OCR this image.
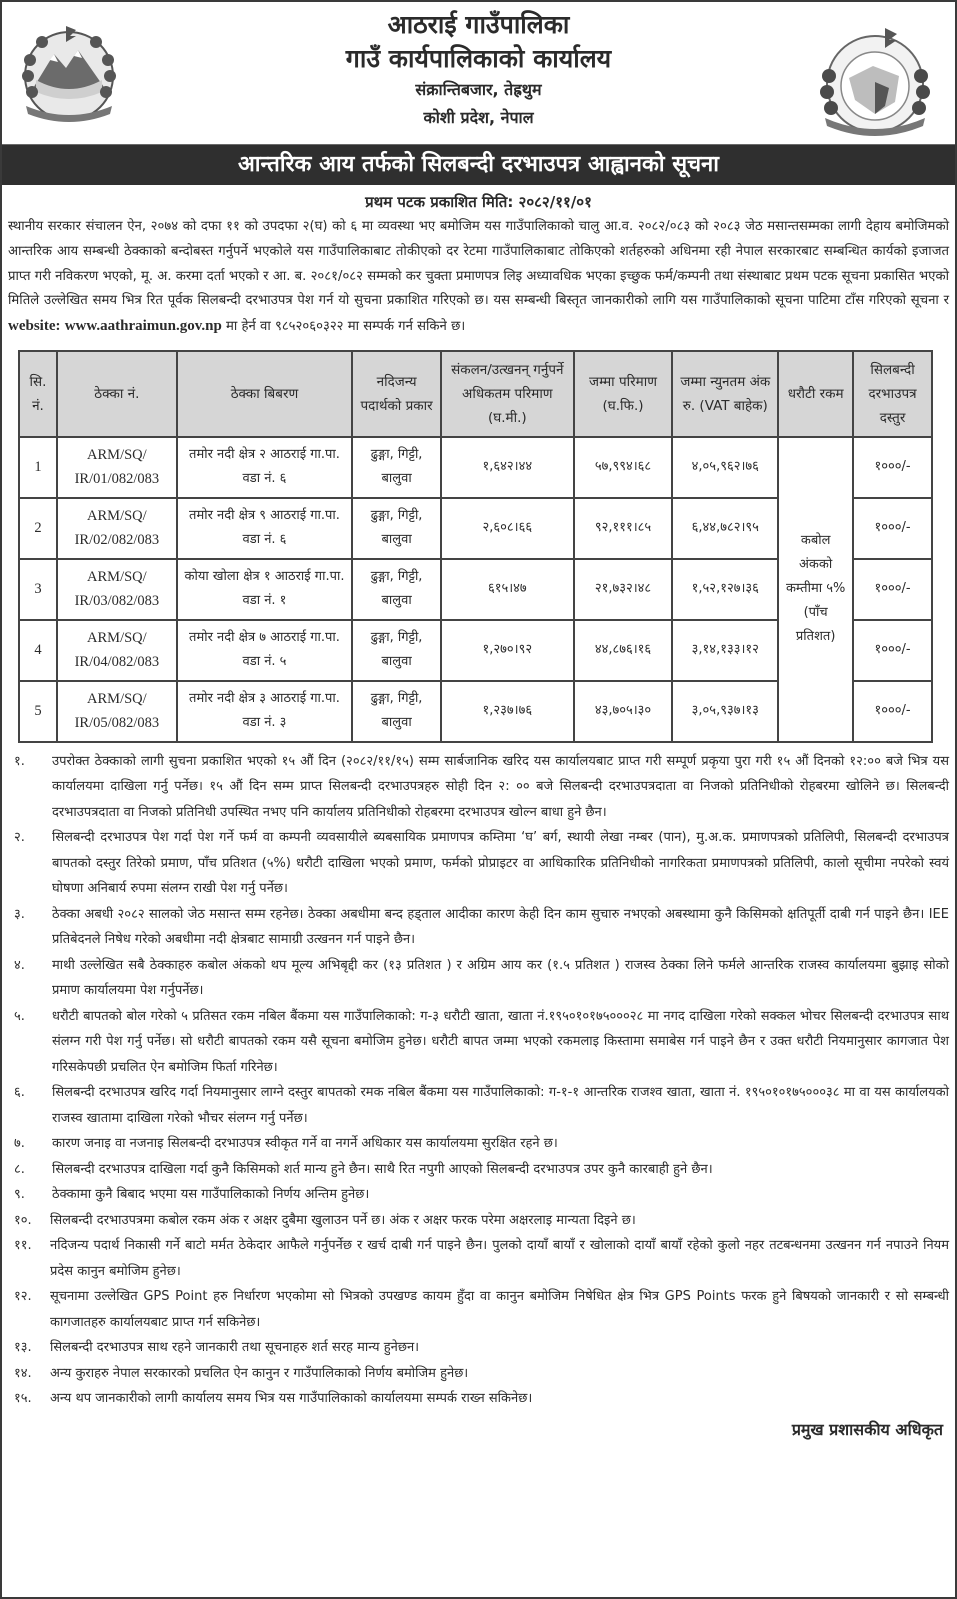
आठराई गाउँपालिका
गाउँ कार्यपालिकाको कार्यालय
संक्रान्तिबजार, तेह्रथुम
कोशी प्रदेश, नेपाल
आन्तरिक आय तर्फको सिलबन्दी दरभाउपत्र आह्वानको सूचना
प्रथम पटक प्रकाशित मिति: २०८२/११/०१
स्थानीय सरकार संचालन ऐन, २०७४ को दफा ११ को उपदफा २(घ) को ६ मा व्यवस्था भए बमोजिम यस गाउँपालिकाको चालु आ.व. २०८२/०८३ को २०८३ जेठ मसान्तसम्मका लागी देहाय बमोजिमको आन्तरिक आय सम्बन्धी ठेक्काको बन्दोबस्त गर्नुपर्ने भएकोले यस गाउँपालिकाबाट तोकीएको दर रेटमा गाउँपालिकाबाट तोकिएको शर्तहरुको अधिनमा रही नेपाल सरकारबाट सम्बन्धित कार्यको इजाजत प्राप्त गरी नविकरण भएको, मू. अ. करमा दर्ता भएको र आ. ब. २०८१/०८२ सम्मको कर चुक्ता प्रमाणपत्र लिइ अध्यावधिक भएका इच्छुक फर्म/कम्पनी तथा संस्थाबाट प्रथम पटक सूचना प्रकासित भएको मितिले उल्लेखित समय भित्र रित पूर्वक सिलबन्दी दरभाउपत्र पेश गर्न यो सुचना प्रकाशित गरिएको छ। यस सम्बन्धी बिस्तृत जानकारीको लागि यस गाउँपालिकाको सूचना पाटिमा टाँस गरिएको सूचना र website: www.aathraimun.gov.np मा हेर्न वा ९८५२०६०३२२ मा सम्पर्क गर्न सकिने छ।
सि. नं.	ठेक्का नं.	ठेक्का बिबरण	नदिजन्य पदार्थको प्रकार	संकलन/उत्खनन् गर्नुपर्ने अधिकतम परिमाण (घ.मी.)	जम्मा परिमाण (घ.फि.)	जम्मा न्युनतम अंक रु. (VAT बाहेक)	धरौटी रकम	सिलबन्दी दरभाउपत्र दस्तुर
1	ARM/SQ/ IR/01/082/083	तमोर नदी क्षेत्र २ आठराई गा.पा. वडा नं. ६	ढुङ्गा, गिट्टी, बालुवा	१,६४२।४४	५७,९९४।६८	४,०५,९६२।७६	कबोल अंकको कम्तीमा ५% (पाँच प्रतिशत)	१०००/-
2	ARM/SQ/ IR/02/082/083	तमोर नदी क्षेत्र ९ आठराई गा.पा. वडा नं. ६	ढुङ्गा, गिट्टी, बालुवा	२,६०८।६६	९२,१११।८५	६,४४,७८२।९५		१०००/-
3	ARM/SQ/ IR/03/082/083	कोया खोला क्षेत्र १ आठराई गा.पा. वडा नं. १	ढुङ्गा, गिट्टी, बालुवा	६१५।४७	२१,७३२।४८	१,५२,१२७।३६		१०००/-
4	ARM/SQ/ IR/04/082/083	तमोर नदी क्षेत्र ७ आठराई गा.पा. वडा नं. ५	ढुङ्गा, गिट्टी, बालुवा	१,२७०।९२	४४,८७६।१६	३,१४,१३३।१२		१०००/-
5	ARM/SQ/ IR/05/082/083	तमोर नदी क्षेत्र ३ आठराई गा.पा. वडा नं. ३	ढुङ्गा, गिट्टी, बालुवा	१,२३७।७६	४३,७०५।३०	३,०५,९३७।१३		१०००/-
१.	उपरोक्त ठेक्काको लागी सुचना प्रकाशित भएको १५ औं दिन (२०८२/११/१५) सम्म सार्बजानिक खरिद यस कार्यालयबाट प्राप्त गरी सम्पूर्ण प्रकृया पुरा गरी १५ औं दिनको १२:०० बजे भित्र यस कार्यालयमा दाखिला गर्नु पर्नेछ। १५ औं दिन सम्म प्राप्त सिलबन्दी दरभाउपत्रहरु सोही दिन २: ०० बजे सिलबन्दी दरभाउपत्रदाता वा निजको प्रतिनिधीको रोहबरमा खोलिने छ। सिलबन्दी दरभाउपत्रदाता वा निजको प्रतिनिधी उपस्थित नभए पनि कार्यालय प्रतिनिधीको रोहबरमा दरभाउपत्र खोल्न बाधा हुने छैन।
२.	सिलबन्दी दरभाउपत्र पेश गर्दा पेश गर्ने फर्म वा कम्पनी व्यवसायीले ब्यबसायिक प्रमाणपत्र कम्तिमा ‘घ’ बर्ग, स्थायी लेखा नम्बर (पान), मु.अ.क. प्रमाणपत्रको प्रतिलिपी, सिलबन्दी दरभाउपत्र बापतको दस्तुर तिरेको प्रमाण, पाँच प्रतिशत (५%) धरौटी दाखिला भएको प्रमाण, फर्मको प्रोप्राइटर वा आधिकारिक प्रतिनिधीको नागरिकता प्रमाणपत्रको प्रतिलिपी, कालो सूचीमा नपरेको स्वयं घोषणा अनिबार्य रुपमा संलग्न राखी पेश गर्नु पर्नेछ।
३.	ठेक्का अबधी २०८२ सालको जेठ मसान्त सम्म रहनेछ। ठेक्का अबधीमा बन्द हड्ताल आदीका कारण केही दिन काम सुचारु नभएको अबस्थामा कुनै किसिमको क्षतिपूर्ती दाबी गर्न पाइने छैन। IEE प्रतिबेदनले निषेध गरेको अबधीमा नदी क्षेत्रबाट सामाग्री उत्खनन गर्न पाइने छैन।
४.	माथी उल्लेखित सबै ठेक्काहरु कबोल अंकको थप मूल्य अभिबृद्दी कर (१३ प्रतिशत ) र अग्रिम आय कर (१.५ प्रतिशत ) राजस्व ठेक्का लिने फर्मले आन्तरिक राजस्व कार्यालयमा बुझाइ सोको प्रमाण कार्यालयमा पेश गर्नुपर्नेछ।
५.	धरौटी बापतको बोल गरेको ५ प्रतिसत रकम नबिल बैंकमा यस गाउँपालिकाको: ग-३ धरौटी खाता, खाता नं.१९५०१०१७५०००२८ मा नगद दाखिला गरेको सक्कल भोचर सिलबन्दी दरभाउपत्र साथ संलग्न गरी पेश गर्नु पर्नेछ। सो धरौटी बापतको रकम यसै सूचना बमोजिम हुनेछ। धरौटी बापत जम्मा भएको रकमलाइ किस्तामा समाबेस गर्न पाइने छैन र उक्त धरौटी नियमानुसार कागजात पेश गरिसकेपछी प्रचलित ऐन बमोजिम फिर्ता गरिनेछ।
६.	सिलबन्दी दरभाउपत्र खरिद गर्दा नियमानुसार लाग्ने दस्तुर बापतको रमक नबिल बैंकमा यस गाउँपालिकाको: ग-१-१ आन्तरिक राजश्व खाता, खाता नं. १९५०१०१७५०००३८ मा वा यस कार्यालयको राजस्व खातामा दाखिला गरेको भौचर संलग्न गर्नु पर्नेछ।
७.	कारण जनाइ वा नजनाइ सिलबन्दी दरभाउपत्र स्वीकृत गर्ने वा नगर्ने अधिकार यस कार्यालयमा सुरक्षित रहने छ।
८.	सिलबन्दी दरभाउपत्र दाखिला गर्दा कुनै किसिमको शर्त मान्य हुने छैन। साथै रित नपुगी आएको सिलबन्दी दरभाउपत्र उपर कुनै कारबाही हुने छैन।
९.	ठेक्कामा कुनै बिबाद भएमा यस गाउँपालिकाको निर्णय अन्तिम हुनेछ।
१०.	सिलबन्दी दरभाउपत्रमा कबोल रकम अंक र अक्षर दुबैमा खुलाउन पर्ने छ। अंक र अक्षर फरक परेमा अक्षरलाइ मान्यता दिइने छ।
११.	नदिजन्य पदार्थ निकासी गर्ने बाटो मर्मत ठेकेदार आफैले गर्नुपर्नेछ र खर्च दाबी गर्न पाइने छैन। पुलको दायाँ बायाँ र खोलाको दायाँ बायाँ रहेको कुलो नहर तटबन्धनमा उत्खनन गर्न नपाउने नियम प्रदेस कानुन बमोजिम हुनेछ।
१२.	सूचनामा उल्लेखित GPS Point हरु निर्धारण भएकोमा सो भित्रको उपखण्ड कायम हुँदा वा कानुन बमोजिम निषेधित क्षेत्र भित्र GPS Points फरक हुने बिषयको जानकारी र सो सम्बन्धी कागजातहरु कार्यालयबाट प्राप्त गर्न सकिनेछ।
१३.	सिलबन्दी दरभाउपत्र साथ रहने जानकारी तथा सूचनाहरु शर्त सरह मान्य हुनेछन।
१४.	अन्य कुराहरु नेपाल सरकारको प्रचलित ऐन कानुन र गाउँपालिकाको निर्णय बमोजिम हुनेछ।
१५.	अन्य थप जानकारीको लागी कार्यालय समय भित्र यस गाउँपालिकाको कार्यालयमा सम्पर्क राख्न सकिनेछ।
प्रमुख प्रशासकीय अधिकृत
